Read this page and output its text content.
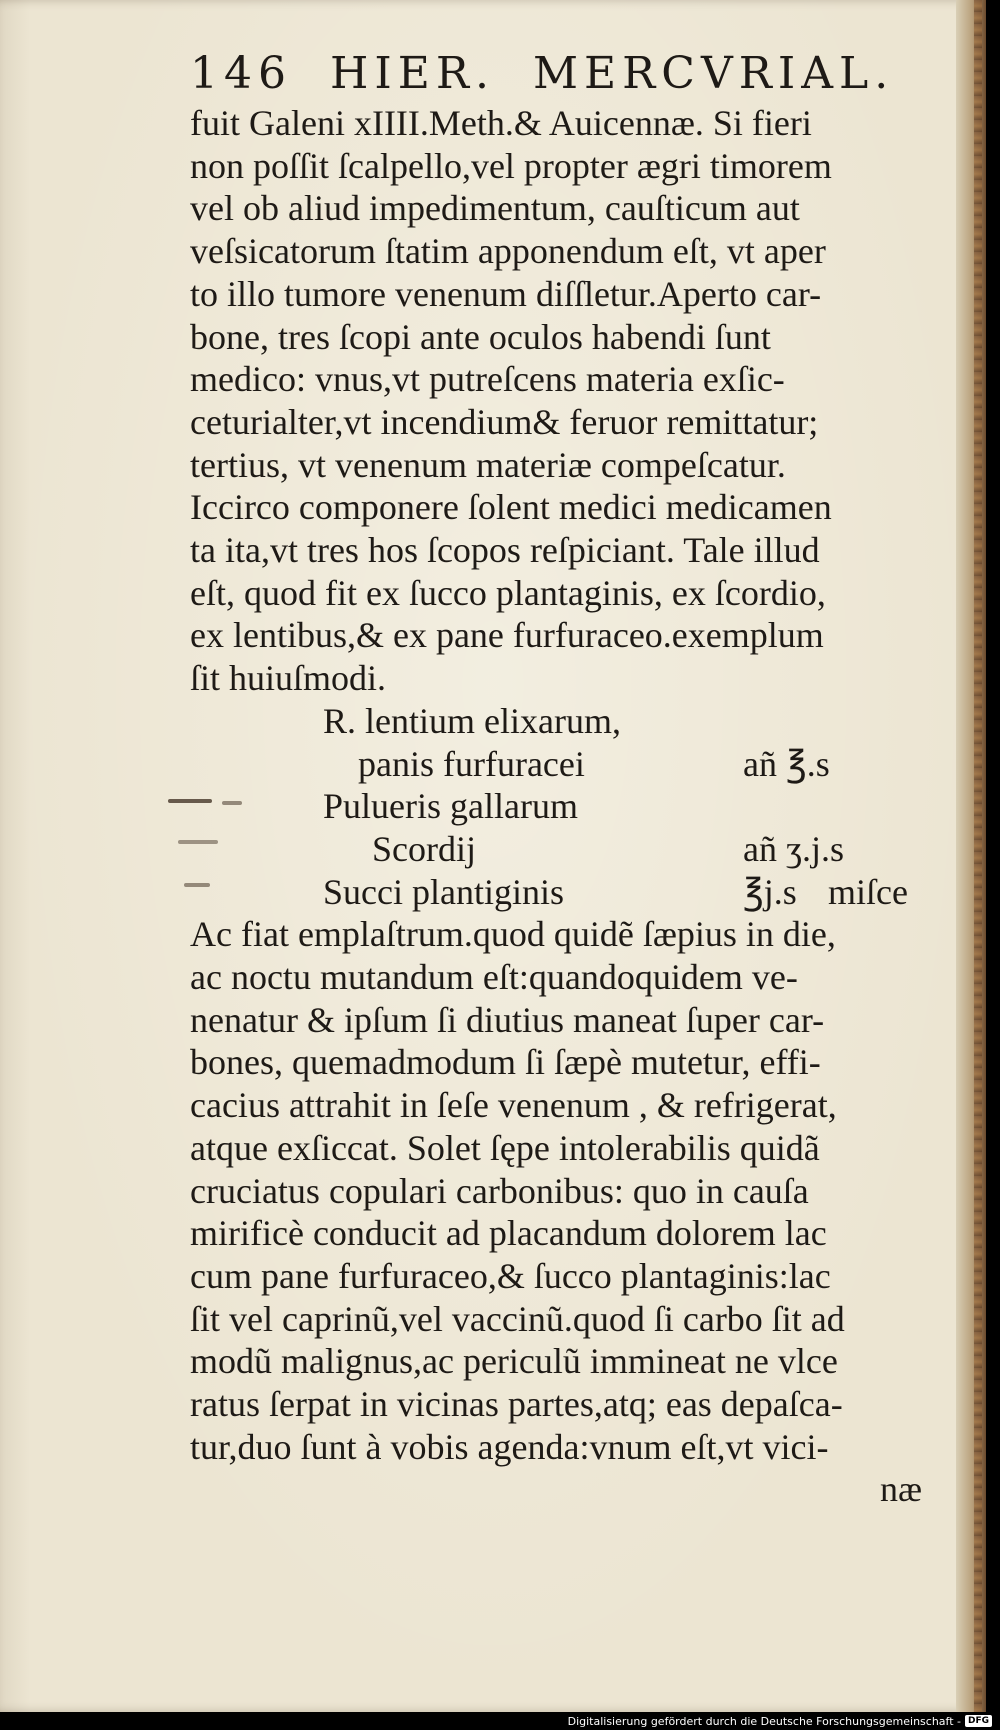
146 HIER. MERCVRIAL.
fuit Galeni xIIII.Meth.& Auicennæ. Si fieri
non poſſit ſcalpello,vel propter ægri timorem
vel ob aliud impedimentum, cauſticum aut
veſsicatorum ſtatim apponendum eſt, vt aper
to illo tumore venenum diſſletur.Aperto car-
bone, tres ſcopi ante oculos habendi ſunt
medico: vnus,vt putreſcens materia exſic-
ceturialter,vt incendium& feruor remittatur;
tertius, vt venenum materiæ compeſcatur.
Iccirco componere ſolent medici medicamen
ta ita,vt tres hos ſcopos reſpiciant. Tale illud
eſt, quod fit ex ſucco plantaginis, ex ſcordio,
ex lentibus,& ex pane furfuraceo.exemplum
ſit huiuſmodi.
R. lentium elixarum,
panis furfuracei	añ ℥.s
Pulueris gallarum
Scordij	añ ʒ.j.s
Succi plantiginis	℥j.s miſce
Ac fiat emplaſtrum.quod quidẽ ſæpius in die,
ac noctu mutandum eſt:quandoquidem ve-
nenatur & ipſum ſi diutius maneat ſuper car-
bones, quemadmodum ſi ſæpè mutetur, effi-
cacius attrahit in ſeſe venenum , & refrigerat,
atque exſiccat. Solet ſępe intolerabilis quidã
cruciatus copulari carbonibus: quo in cauſa
mirificè conducit ad placandum dolorem lac
cum pane furfuraceo,& ſucco plantaginis:lac
ſit vel caprinũ,vel vaccinũ.quod ſi carbo ſit ad
modũ malignus,ac periculũ immineat ne vlce
ratus ſerpat in vicinas partes,atq; eas depaſca-
tur,duo ſunt à vobis agenda:vnum eſt,vt vici-
næ
Digitalisierung gefördert durch die Deutsche Forschungsgemeinschaft - DFG
